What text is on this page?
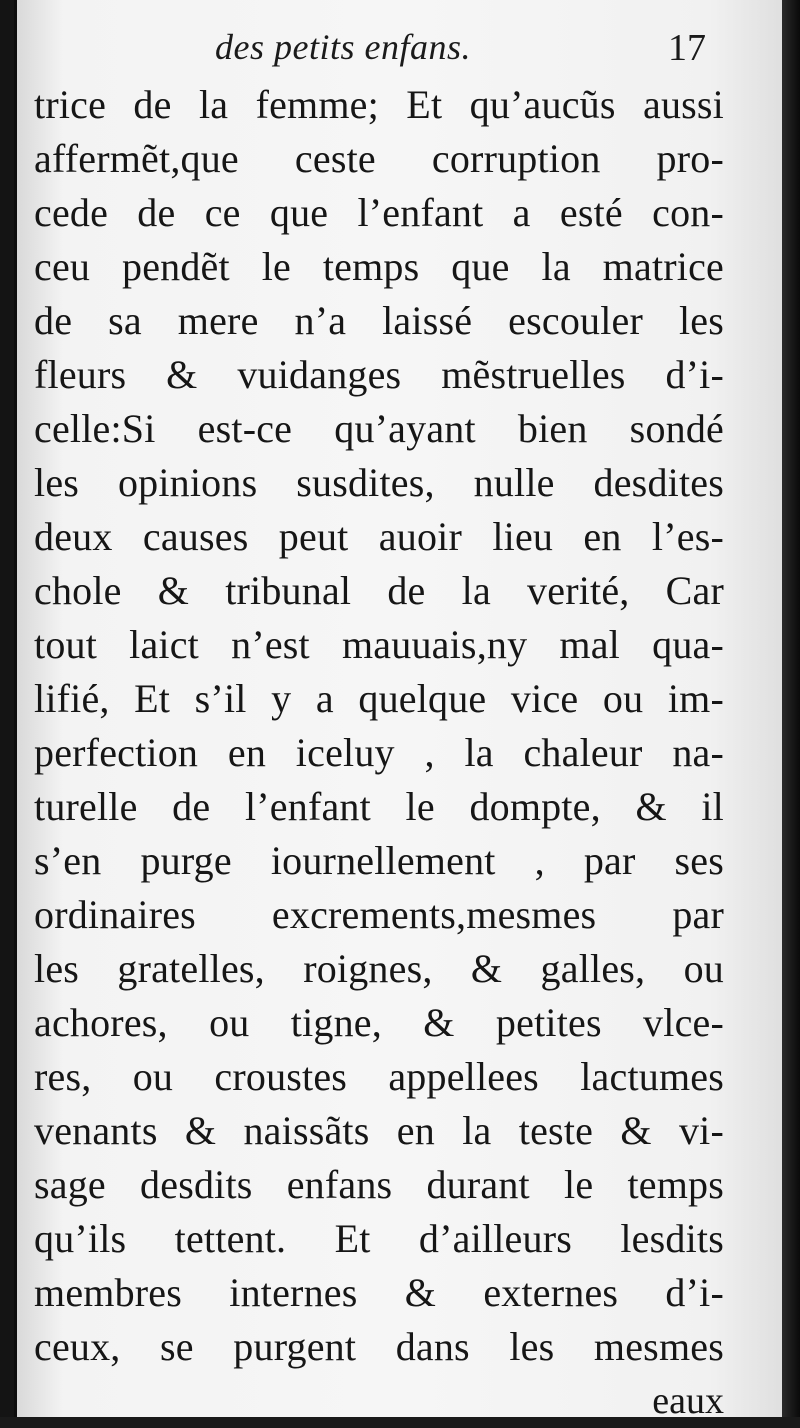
des petits enfans.	17
trice de la femme; Et qu’aucũs aussi
affermẽt,que ceste corruption pro-
cede de ce que l’enfant a esté con-
ceu pendẽt le temps que la matrice
de sa mere n’a laissé escouler les
fleurs & vuidanges mẽstruelles d’i-
celle:Si est-ce qu’ayant bien sondé
les opinions susdites, nulle desdites
deux causes peut auoir lieu en l’es-
chole & tribunal de la verité, Car
tout laict n’est mauuais,ny mal qua-
lifié, Et s’il y a quelque vice ou im-
perfection en iceluy , la chaleur na-
turelle de l’enfant le dompte, & il
s’en purge iournellement , par ses
ordinaires excrements,mesmes par
les gratelles, roignes, & galles, ou
achores, ou tigne, & petites vlce-
res, ou croustes appellees lactumes
venants & naissãts en la teste & vi-
sage desdits enfans durant le temps
qu’ils tettent. Et d’ailleurs lesdits
membres internes & externes d’i-
ceux, se purgent dans les mesmes
eaux
